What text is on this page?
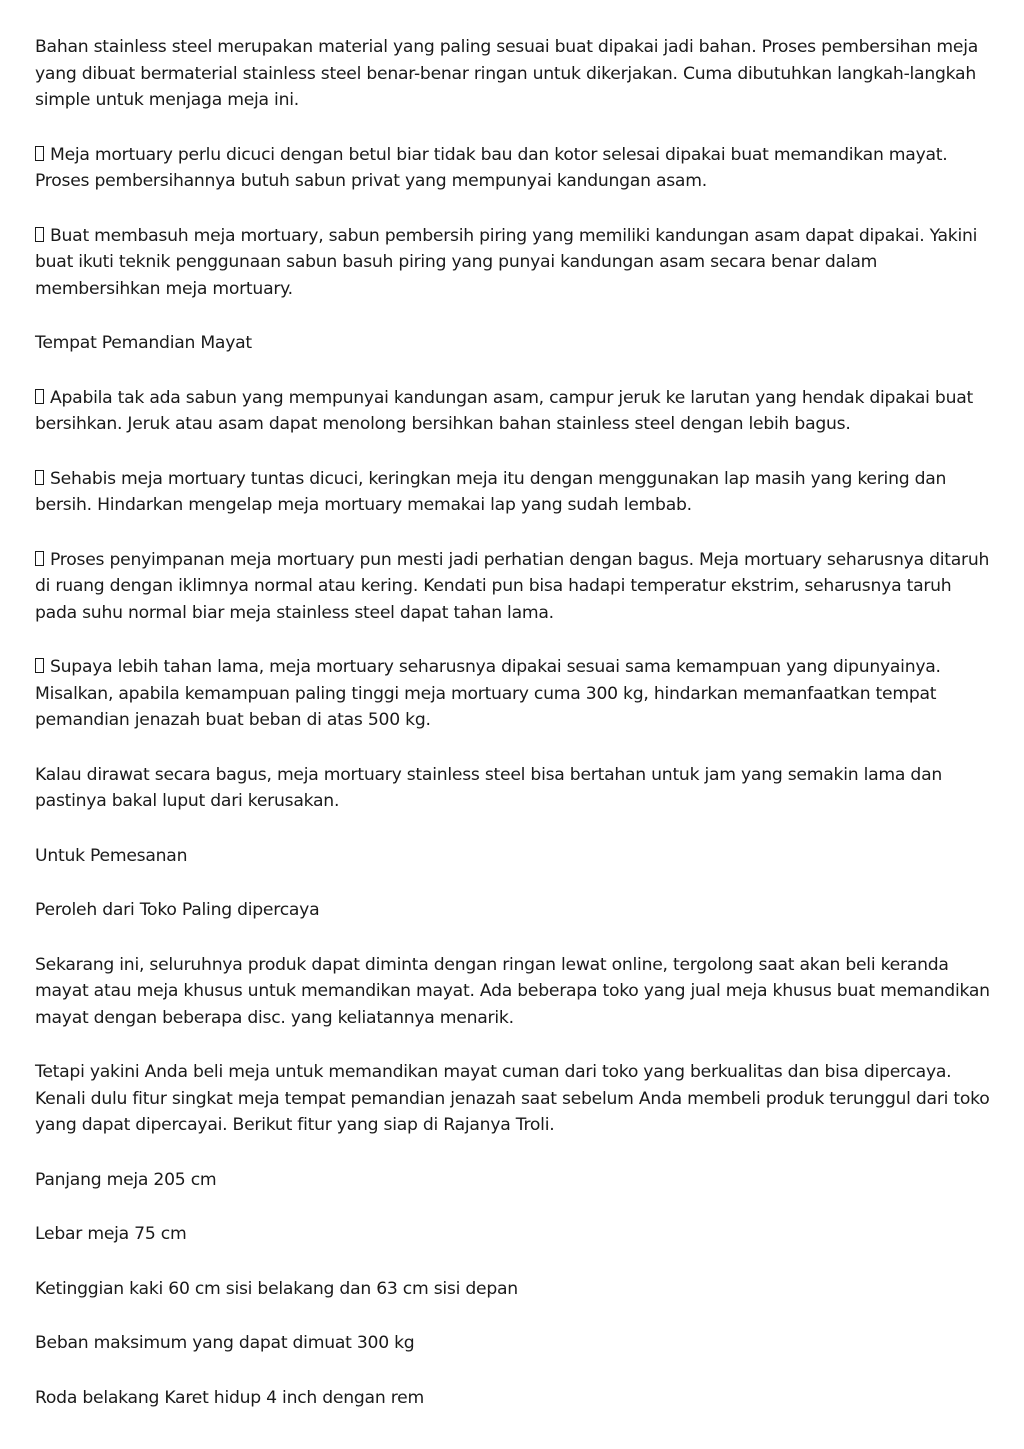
Bahan stainless steel merupakan material yang paling sesuai buat dipakai jadi bahan. Proses pembersihan meja yang dibuat bermaterial stainless steel benar-benar ringan untuk dikerjakan. Cuma dibutuhkan langkah-langkah simple untuk menjaga meja ini.

Meja mortuary perlu dicuci dengan betul biar tidak bau dan kotor selesai dipakai buat memandikan mayat. Proses pembersihannya butuh sabun privat yang mempunyai kandungan asam.

Buat membasuh meja mortuary, sabun pembersih piring yang memiliki kandungan asam dapat dipakai. Yakini buat ikuti teknik penggunaan sabun basuh piring yang punyai kandungan asam secara benar dalam membersihkan meja mortuary.

Tempat Pemandian Mayat

Apabila tak ada sabun yang mempunyai kandungan asam, campur jeruk ke larutan yang hendak dipakai buat bersihkan. Jeruk atau asam dapat menolong bersihkan bahan stainless steel dengan lebih bagus.

Sehabis meja mortuary tuntas dicuci, keringkan meja itu dengan menggunakan lap masih yang kering dan bersih. Hindarkan mengelap meja mortuary memakai lap yang sudah lembab.

Proses penyimpanan meja mortuary pun mesti jadi perhatian dengan bagus. Meja mortuary seharusnya ditaruh di ruang dengan iklimnya normal atau kering. Kendati pun bisa hadapi temperatur ekstrim, seharusnya taruh pada suhu normal biar meja stainless steel dapat tahan lama.

Supaya lebih tahan lama, meja mortuary seharusnya dipakai sesuai sama kemampuan yang dipunyainya. Misalkan, apabila kemampuan paling tinggi meja mortuary cuma 300 kg, hindarkan memanfaatkan tempat pemandian jenazah buat beban di atas 500 kg.

Kalau dirawat secara bagus, meja mortuary stainless steel bisa bertahan untuk jam yang semakin lama dan pastinya bakal luput dari kerusakan.

Untuk Pemesanan

Peroleh dari Toko Paling dipercaya

Sekarang ini, seluruhnya produk dapat diminta dengan ringan lewat online, tergolong saat akan beli keranda mayat atau meja khusus untuk memandikan mayat. Ada beberapa toko yang jual meja khusus buat memandikan mayat dengan beberapa disc. yang keliatannya menarik.

Tetapi yakini Anda beli meja untuk memandikan mayat cuman dari toko yang berkualitas dan bisa dipercaya. Kenali dulu fitur singkat meja tempat pemandian jenazah saat sebelum Anda membeli produk terunggul dari toko yang dapat dipercayai. Berikut fitur yang siap di Rajanya Troli.

Panjang meja 205 cm

Lebar meja 75 cm

Ketinggian kaki 60 cm sisi belakang dan 63 cm sisi depan

Beban maksimum yang dapat dimuat 300 kg

Roda belakang Karet hidup 4 inch dengan rem
